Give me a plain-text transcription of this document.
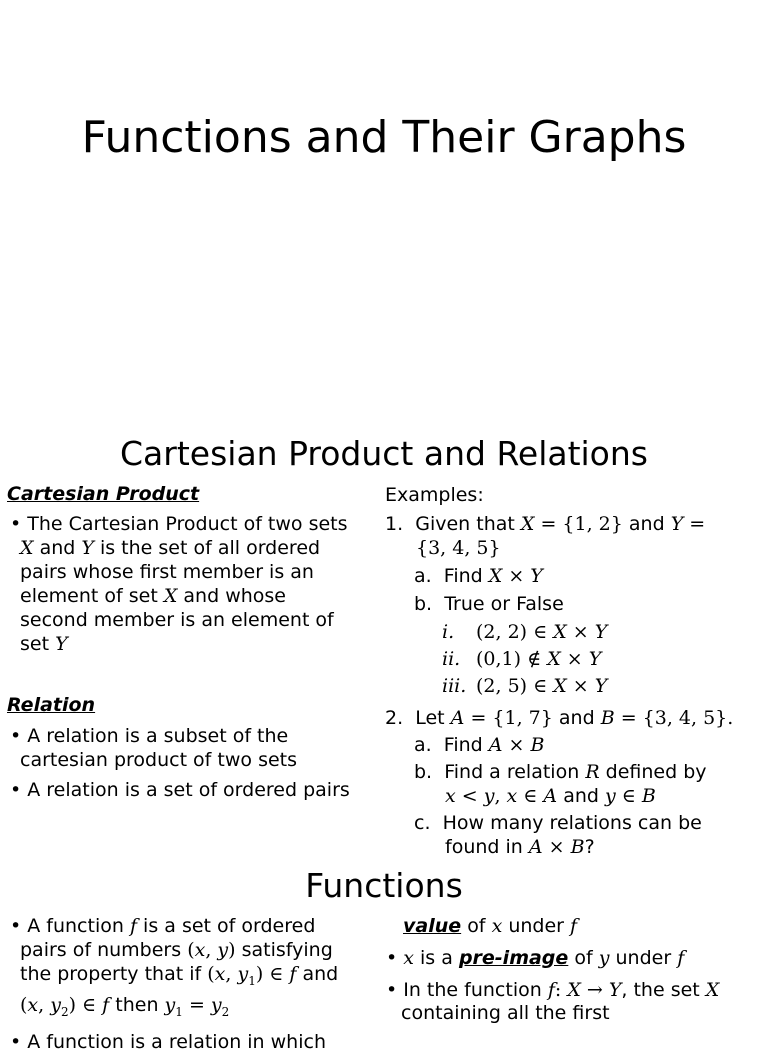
Functions and Their Graphs
Cartesian Product and Relations
Cartesian Product
• The Cartesian Product of two sets
X and Y is the set of all ordered
pairs whose first member is an
element of set X and whose
second member is an element of
set Y
Relation
• A relation is a subset of the
cartesian product of two sets
• A relation is a set of ordered pairs
Examples:
1. Given that X = {1, 2} and Y =
{3, 4, 5}
a. Find X × Y
b. True or False
i. (2, 2) ∈ X × Y
ii. (0,1) ∉ X × Y
iii. (2, 5) ∈ X × Y
2. Let A = {1, 7} and B = {3, 4, 5}.
a. Find A × B
b. Find a relation R defined by
x < y, x ∈ A and y ∈ B
c. How many relations can be
found in A × B?
Functions
• A function f is a set of ordered
pairs of numbers (x, y) satisfying
the property that if (x, $y_1$) ∈ f and
(x, $y_2$) ∈ f then $y_1 = y_2$
• A function is a relation in which
value of x under f
• x is a pre-image of y under f
• In the function f: X → Y, the set X
containing all the first
